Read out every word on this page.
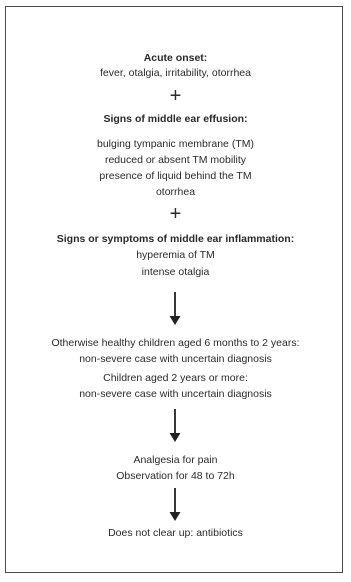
Acute onset:
fever, otalgia, irritability, otorrhea
+
Signs of middle ear effusion:
bulging tympanic membrane (TM)
reduced or absent TM mobility
presence of liquid behind the TM
otorrhea
+
Signs or symptoms of middle ear inflammation:
hyperemia of TM
intense otalgia
Otherwise healthy children aged 6 months to 2 years:
non-severe case with uncertain diagnosis
Children aged 2 years or more:
non-severe case with uncertain diagnosis
Analgesia for pain
Observation for 48 to 72h
Does not clear up: antibiotics
